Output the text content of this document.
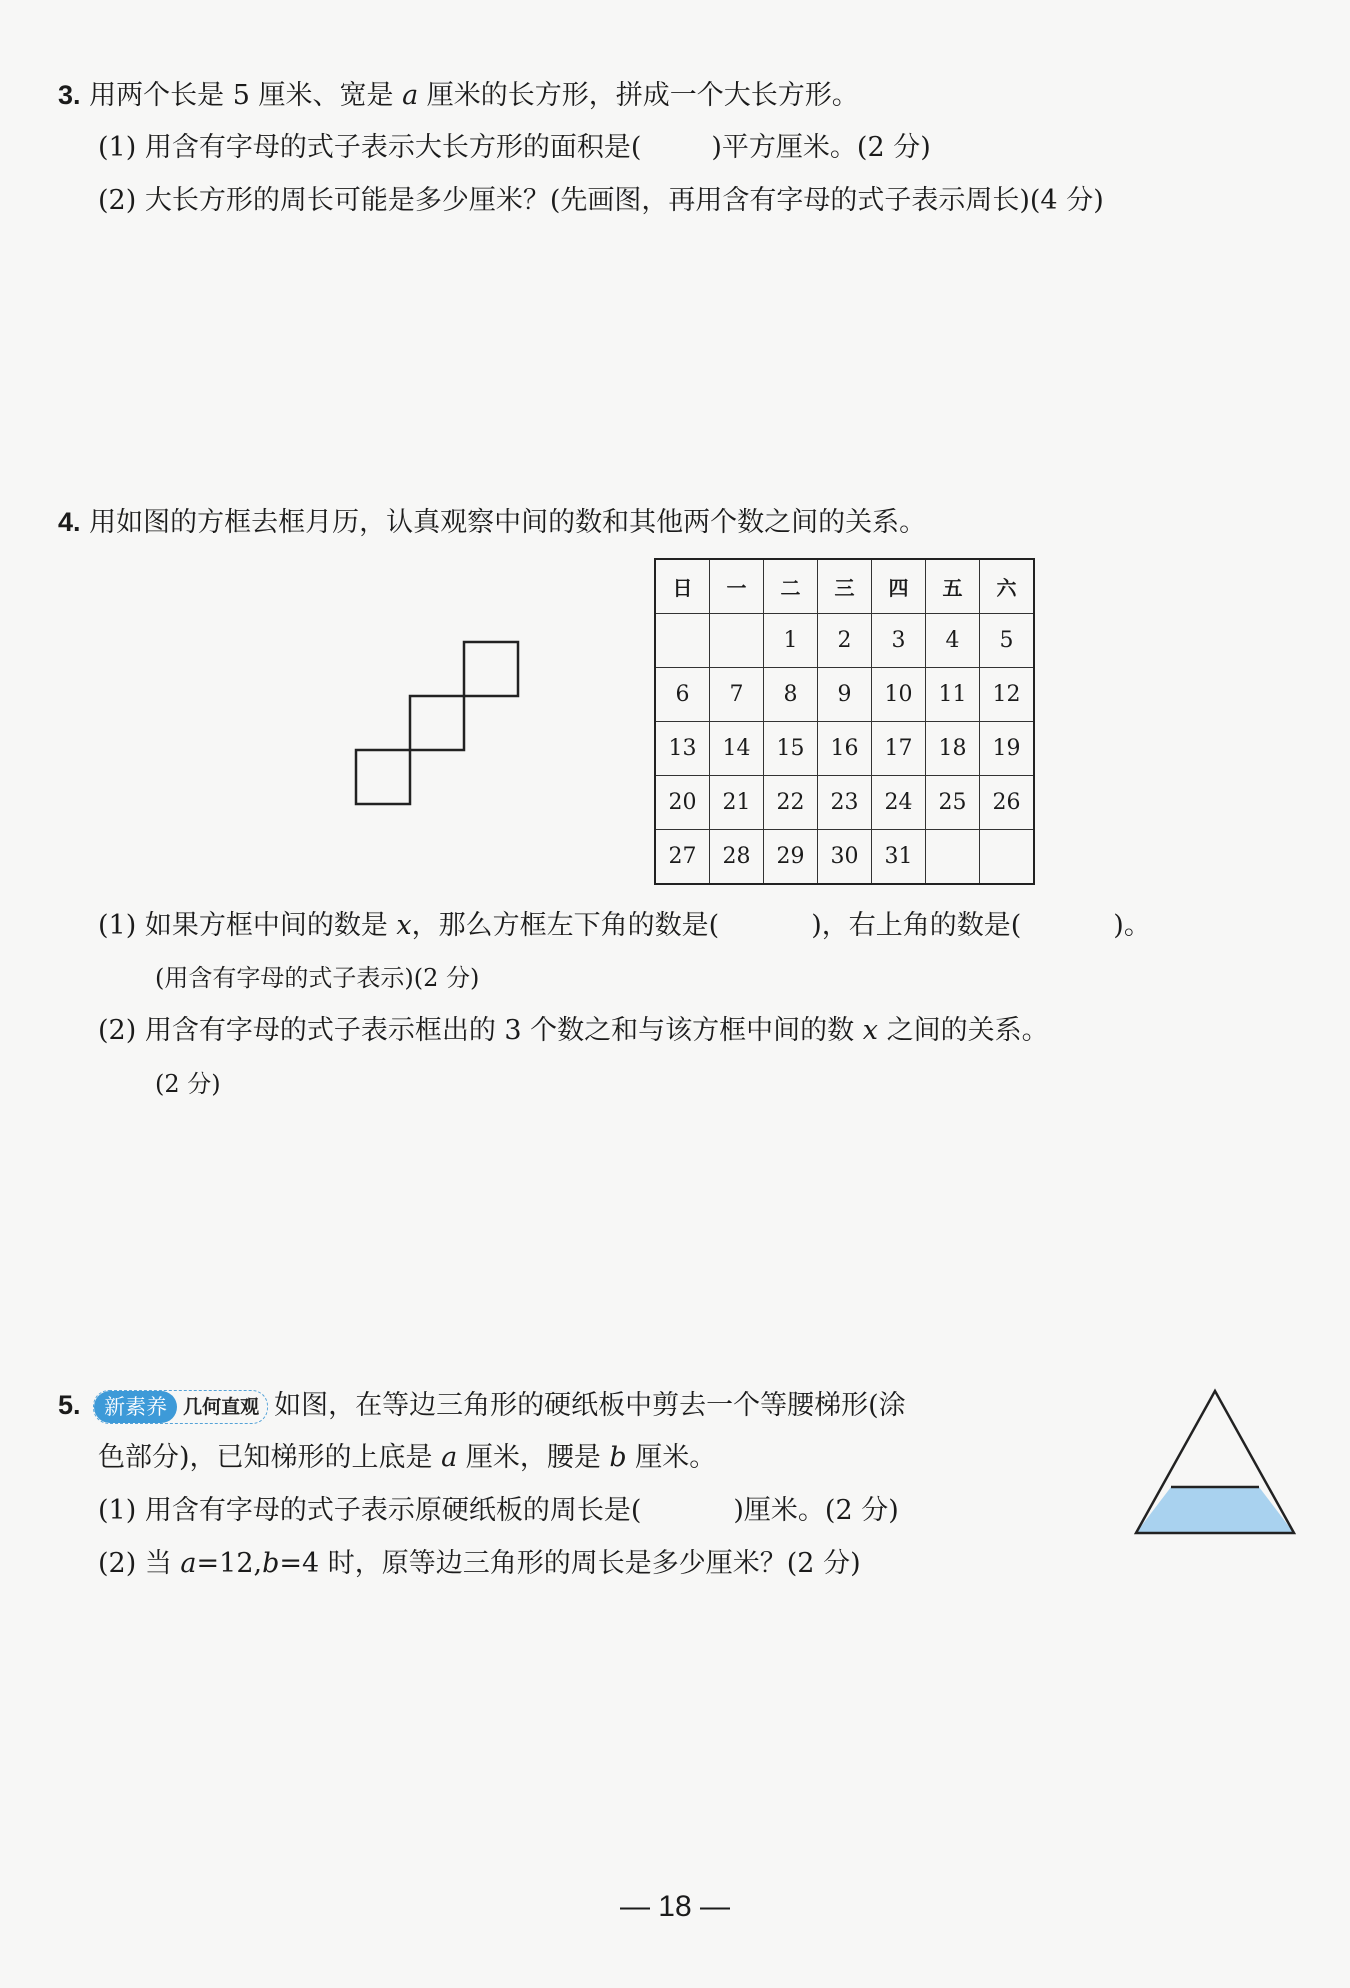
3. 用两个长是 5 厘米、宽是 a 厘米的长方形，拼成一个大长方形。
(1) 用含有字母的式子表示大长方形的面积是(	)平方厘米。(2 分)
(2) 大长方形的周长可能是多少厘米？(先画图，再用含有字母的式子表示周长)(4 分)
4. 用如图的方框去框月历，认真观察中间的数和其他两个数之间的关系。
日	一	二	三	四	五	六
		1	2	3	4	5
6	7	8	9	10	11	12
13	14	15	16	17	18	19
20	21	22	23	24	25	26
27	28	29	30	31		
(1) 如果方框中间的数是 x，那么方框左下角的数是(	)，右上角的数是(	)。
(用含有字母的式子表示)(2 分)
(2) 用含有字母的式子表示框出的 3 个数之和与该方框中间的数 x 之间的关系。
(2 分)
5.	新素养 几何直观 如图，在等边三角形的硬纸板中剪去一个等腰梯形(涂
色部分)，已知梯形的上底是 a 厘米，腰是 b 厘米。
(1) 用含有字母的式子表示原硬纸板的周长是(	)厘米。(2 分)
(2) 当 a=12,b=4 时，原等边三角形的周长是多少厘米？(2 分)
— 18 —
